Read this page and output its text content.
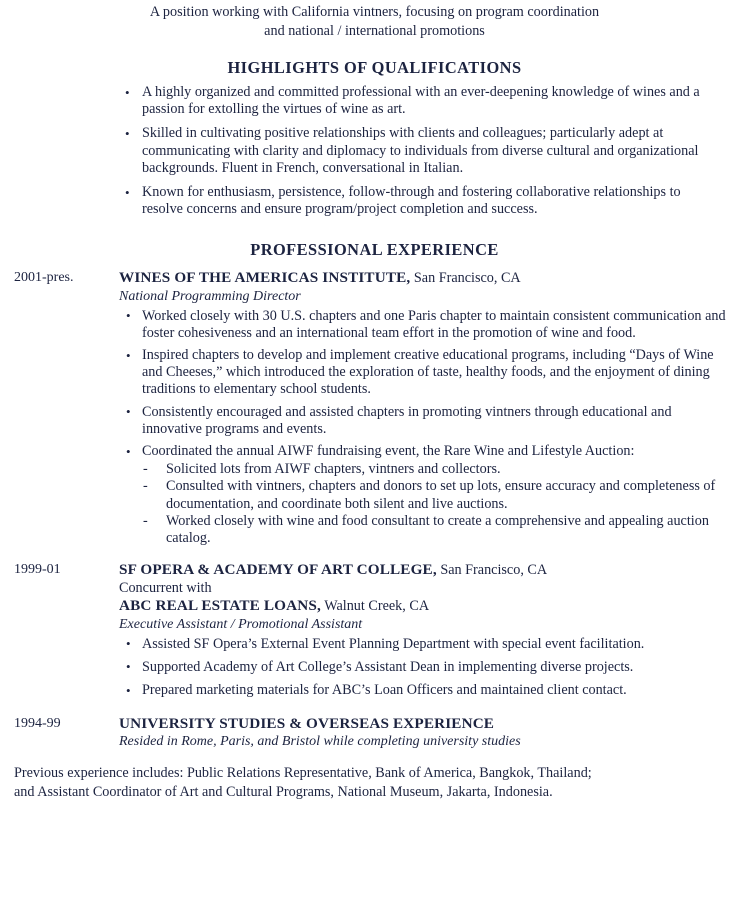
A position working with California vintners, focusing on program coordination
and national / international promotions
HIGHLIGHTS OF QUALIFICATIONS
• A highly organized and committed professional with an ever-deepening knowledge of wines and a passion for extolling the virtues of wine as art.
• Skilled in cultivating positive relationships with clients and colleagues; particularly adept at communicating with clarity and diplomacy to individuals from diverse cultural and organizational backgrounds. Fluent in French, conversational in Italian.
• Known for enthusiasm, persistence, follow-through and fostering collaborative relationships to resolve concerns and ensure program/project completion and success.
PROFESSIONAL EXPERIENCE
2001-pres.	WINES OF THE AMERICAS INSTITUTE, San Francisco, CA
National Programming Director
• Worked closely with 30 U.S. chapters and one Paris chapter to maintain consistent communication and foster cohesiveness and an international team effort in the promotion of wine and food.
• Inspired chapters to develop and implement creative educational programs, including “Days of Wine and Cheeses,” which introduced the exploration of taste, healthy foods, and the enjoyment of dining traditions to elementary school students.
• Consistently encouraged and assisted chapters in promoting vintners through educational and innovative programs and events.
• Coordinated the annual AIWF fundraising event, the Rare Wine and Lifestyle Auction:
- Solicited lots from AIWF chapters, vintners and collectors.
- Consulted with vintners, chapters and donors to set up lots, ensure accuracy and completeness of documentation, and coordinate both silent and live auctions.
- Worked closely with wine and food consultant to create a comprehensive and appealing auction catalog.
1999-01	SF OPERA & ACADEMY OF ART COLLEGE, San Francisco, CA
Concurrent with
ABC REAL ESTATE LOANS, Walnut Creek, CA
Executive Assistant / Promotional Assistant
• Assisted SF Opera’s External Event Planning Department with special event facilitation.
• Supported Academy of Art College’s Assistant Dean in implementing diverse projects.
• Prepared marketing materials for ABC’s Loan Officers and maintained client contact.
1994-99	UNIVERSITY STUDIES & OVERSEAS EXPERIENCE
Resided in Rome, Paris, and Bristol while completing university studies
Previous experience includes: Public Relations Representative, Bank of America, Bangkok, Thailand;
and Assistant Coordinator of Art and Cultural Programs, National Museum, Jakarta, Indonesia.
